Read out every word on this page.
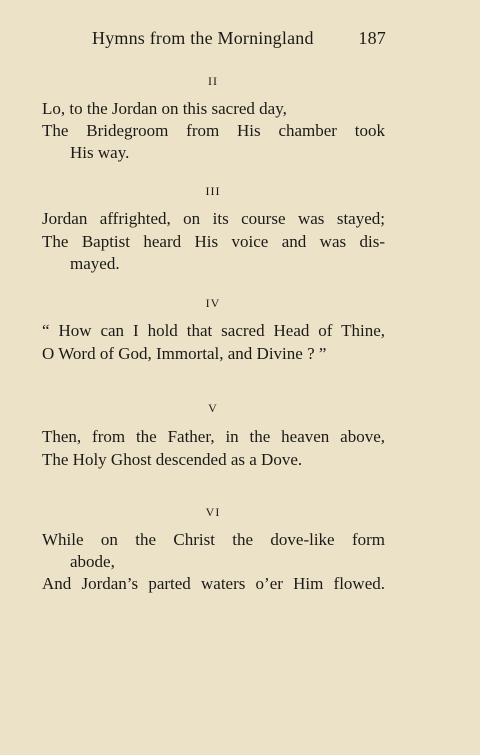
Hymns from the Morningland 187
II
Lo, to the Jordan on this sacred day,
The Bridegroom from His chamber took
His way.
III
Jordan affrighted, on its course was stayed;
The Baptist heard His voice and was dis-
mayed.
IV
“ How can I hold that sacred Head of Thine,
O Word of God, Immortal, and Divine ? ”
V
Then, from the Father, in the heaven above,
The Holy Ghost descended as a Dove.
VI
While on the Christ the dove-like form
abode,
And Jordan’s parted waters o’er Him flowed.
